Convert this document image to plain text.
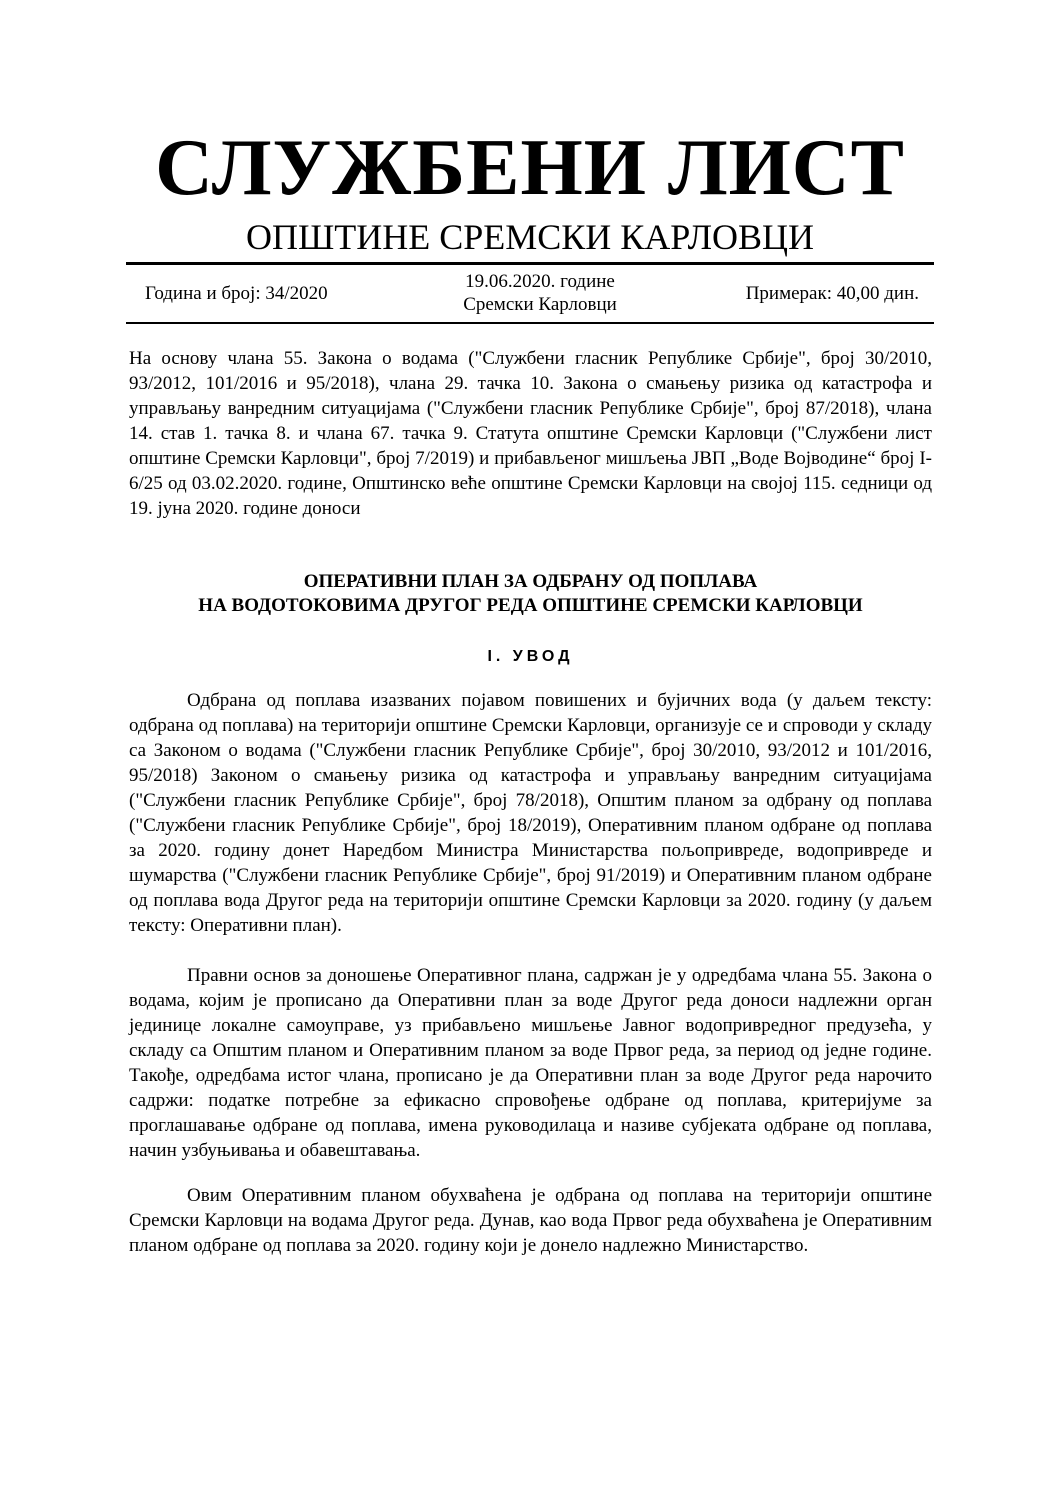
СЛУЖБЕНИ ЛИСТ
ОПШТИНЕ СРЕМСКИ КАРЛОВЦИ
Година и број: 34/2020
19.06.2020. године
Сремски Карловци
Примерак: 40,00 дин.

На основу члана 55. Закона о водама ("Службени гласник Републике Србије", број 30/2010, 93/2012, 101/2016 и 95/2018), члана 29. тачка 10. Закона о смањењу ризика од катастрофа и управљању ванредним ситуацијама ("Службени гласник Републике Србије", број 87/2018), члана 14. став 1. тачка 8. и члана 67. тачка 9. Статута општине Сремски Карловци ("Службени лист општине Сремски Карловци", број 7/2019) и прибављеног мишљења ЈВП „Воде Војводине“ број I-6/25 од 03.02.2020. године, Општинско веће општине Сремски Карловци на својој 115. седници од 19. јуна 2020. године доноси

ОПЕРАТИВНИ ПЛАН ЗА ОДБРАНУ ОД ПОПЛАВА
НА ВОДОТОКОВИМА ДРУГОГ РЕДА ОПШТИНЕ СРЕМСКИ КАРЛОВЦИ
I. УВОД

Одбрана од поплава изазваних појавом повишених и бујичних вода (у даљем тексту: одбрана од поплава) на територији општине Сремски Карловци, организује се и спроводи у складу са Законом о водама ("Службени гласник Републике Србије", број 30/2010, 93/2012 и 101/2016, 95/2018) Законом о смањењу ризика од катастрофа и управљању ванредним ситуацијама ("Службени гласник Републике Србије", број 78/2018), Општим планом за одбрану од поплава ("Службени гласник Републике Србије", број 18/2019), Оперативним планом одбране од поплава за 2020. годину донет Наредбом Министра Министарства пољопривреде, водопривреде и шумарства ("Службени гласник Републике Србије", број 91/2019) и Оперативним планом одбране од поплава вода Другог реда на територији општине Сремски Карловци за 2020. годину (у даљем тексту: Оперативни план).

Правни основ за доношење Оперативног плана, садржан је у одредбама члана 55. Закона о водама, којим је прописано да Оперативни план за воде Другог реда доноси надлежни орган јединице локалне самоуправе, уз прибављено мишљење Јавног водопривредног предузећа, у складу са Општим планом и Оперативним планом за воде Првог реда, за период од једне године. Такође, одредбама истог члана, прописано је да Оперативни план за воде Другог реда нарочито садржи: податке потребне за ефикасно спровођење одбране од поплава, критеријуме за проглашавање одбране од поплава, имена руководилаца и називе субјеката одбране од поплава, начин узбуњивања и обавештавања.

Овим Оперативним планом обухваћена је одбрана од поплава на територији општине Сремски Карловци на водама Другог реда. Дунав, као вода Првог реда обухваћена је Оперативним планом одбране од поплава за 2020. годину који је донело надлежно Министарство.
